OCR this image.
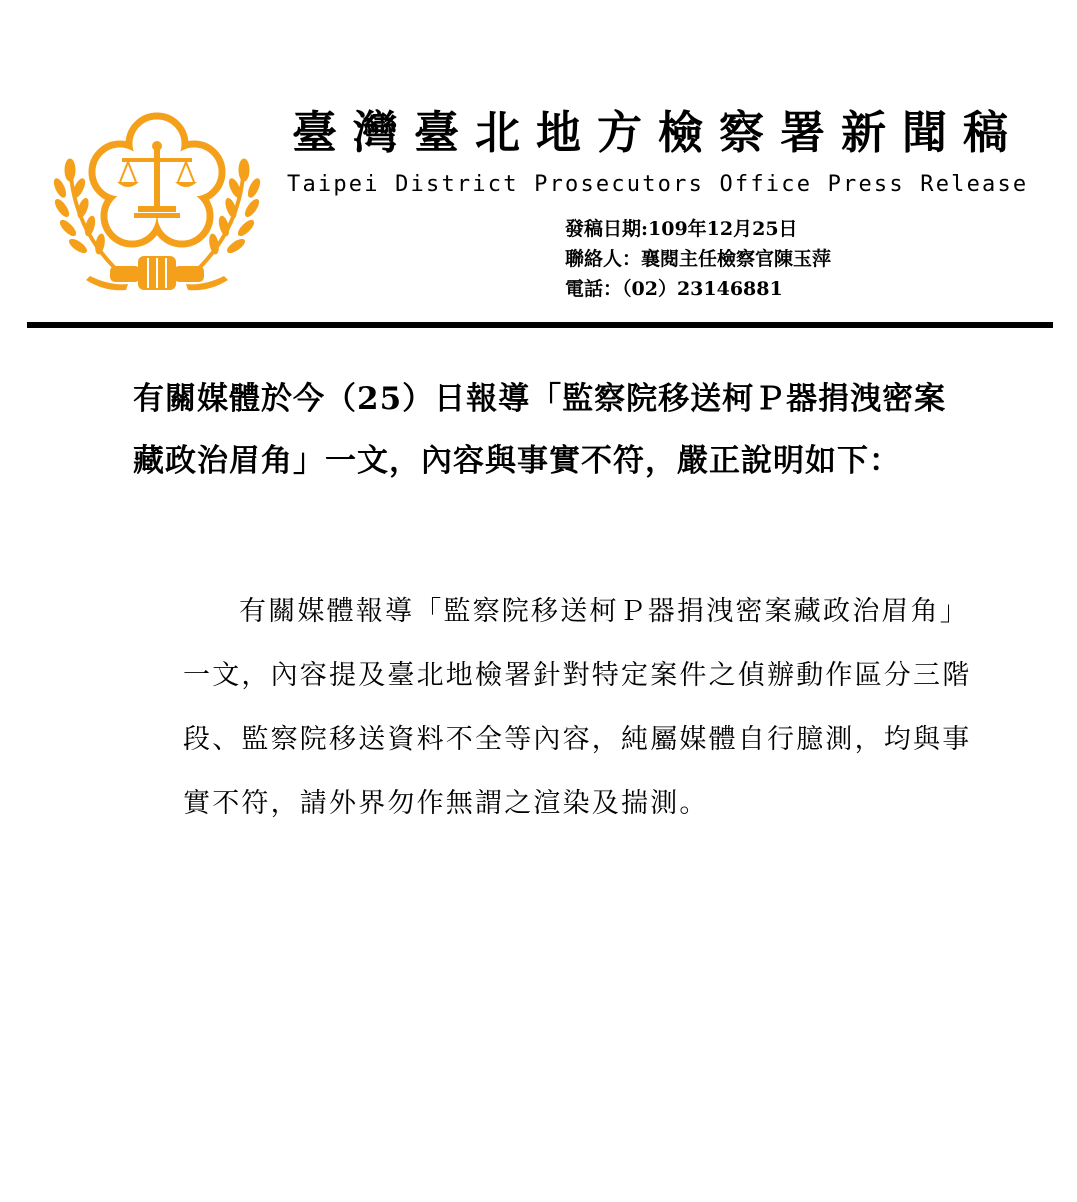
臺灣臺北地方檢察署新聞稿
Taipei District Prosecutors Office Press Release
發稿日期:109年12月25日
聯絡人：襄閱主任檢察官陳玉萍
電話：（02）23146881
有關媒體於今（25）日報導「監察院移送柯Ｐ器捐洩密案藏政治眉角」一文，內容與事實不符，嚴正說明如下：
有關媒體報導「監察院移送柯Ｐ器捐洩密案藏政治眉角」一文，內容提及臺北地檢署針對特定案件之偵辦動作區分三階段、監察院移送資料不全等內容，純屬媒體自行臆測，均與事實不符，請外界勿作無謂之渲染及揣測。
